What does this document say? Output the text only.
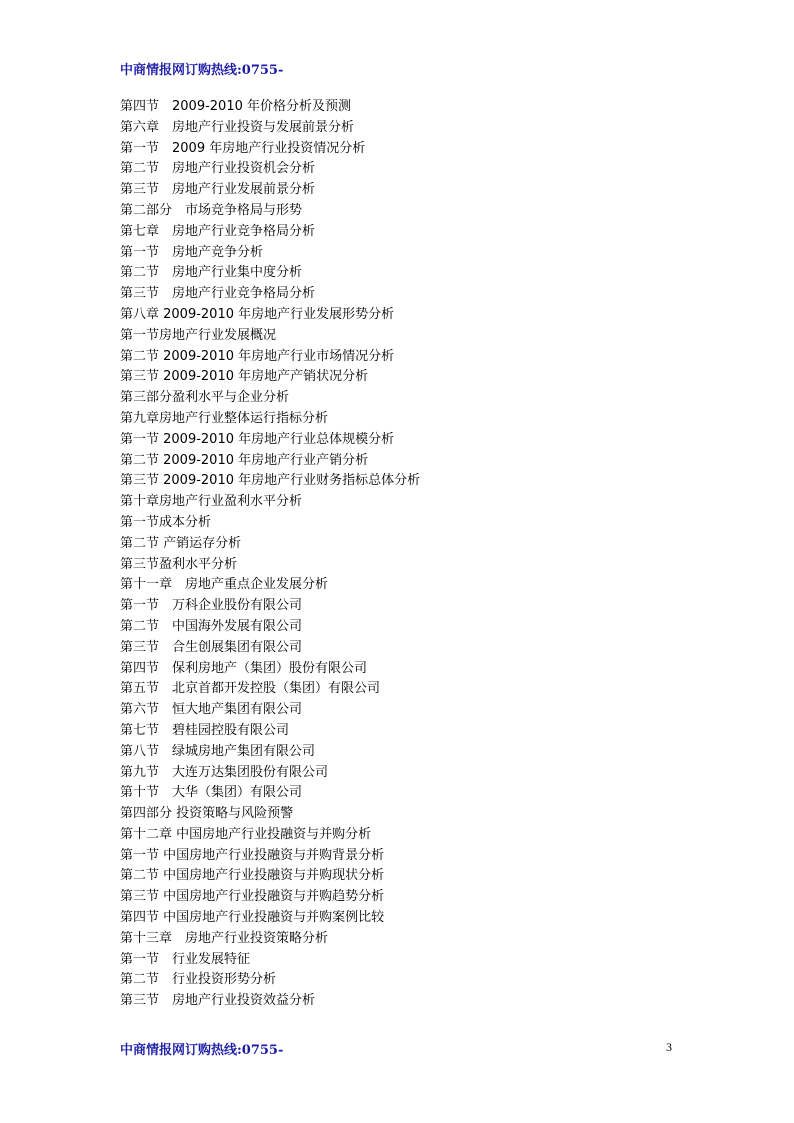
中商情报网订购热线:0755-
第四节　2009-2010 年价格分析及预测
第六章　房地产行业投资与发展前景分析
第一节　2009 年房地产行业投资情况分析
第二节　房地产行业投资机会分析
第三节　房地产行业发展前景分析
第二部分　市场竞争格局与形势
第七章　房地产行业竞争格局分析
第一节　房地产竞争分析
第二节　房地产行业集中度分析
第三节　房地产行业竞争格局分析
第八章 2009-2010 年房地产行业发展形势分析
第一节房地产行业发展概况
第二节 2009-2010 年房地产行业市场情况分析
第三节 2009-2010 年房地产产销状况分析
第三部分盈利水平与企业分析
第九章房地产行业整体运行指标分析
第一节 2009-2010 年房地产行业总体规模分析
第二节 2009-2010 年房地产行业产销分析
第三节 2009-2010 年房地产行业财务指标总体分析
第十章房地产行业盈利水平分析
第一节成本分析
第二节 产销运存分析
第三节盈利水平分析
第十一章　房地产重点企业发展分析
第一节　万科企业股份有限公司
第二节　中国海外发展有限公司
第三节　合生创展集团有限公司
第四节　保利房地产（集团）股份有限公司
第五节　北京首都开发控股（集团）有限公司
第六节　恒大地产集团有限公司
第七节　碧桂园控股有限公司
第八节　绿城房地产集团有限公司
第九节　大连万达集团股份有限公司
第十节　大华（集团）有限公司
第四部分 投资策略与风险预警
第十二章 中国房地产行业投融资与并购分析
第一节 中国房地产行业投融资与并购背景分析
第二节 中国房地产行业投融资与并购现状分析
第三节 中国房地产行业投融资与并购趋势分析
第四节 中国房地产行业投融资与并购案例比较
第十三章　房地产行业投资策略分析
第一节　行业发展特征
第二节　行业投资形势分析
第三节　房地产行业投资效益分析
中商情报网订购热线:0755-	3
